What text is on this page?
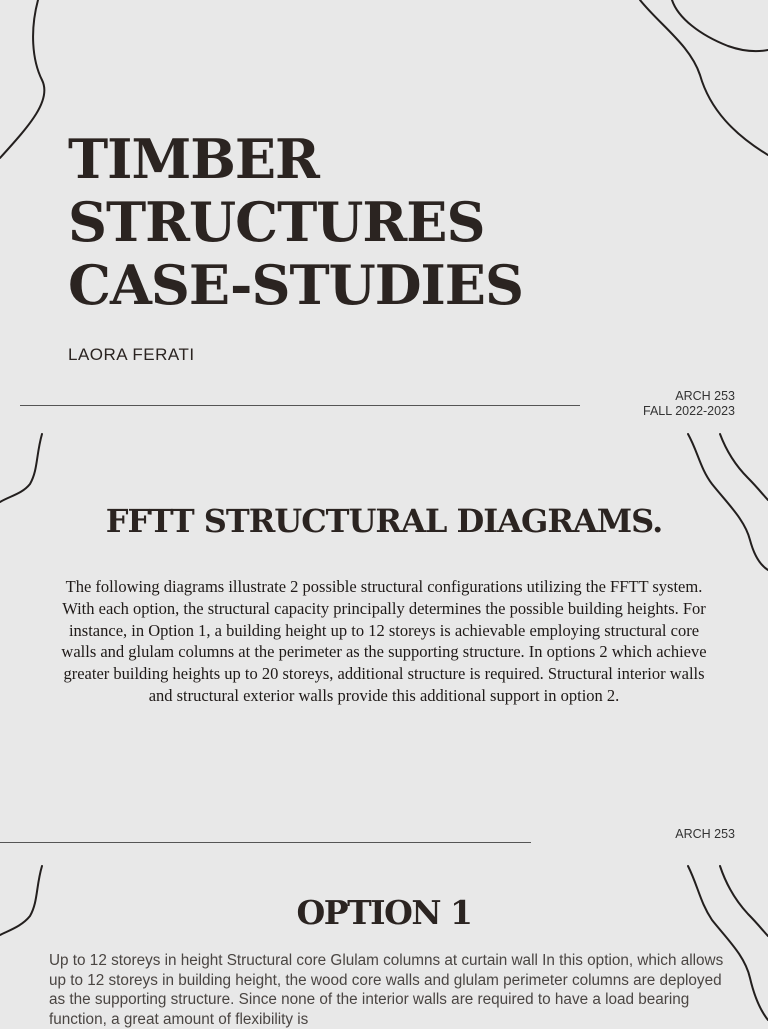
TIMBER
STRUCTURES
CASE-STUDIES
LAORA FERATI
ARCH 253
FALL 2022-2023
FFTT STRUCTURAL DIAGRAMS.

The following diagrams illustrate 2 possible structural configurations utilizing the FFTT system. With each option, the structural capacity principally determines the possible building heights. For instance, in Option 1, a building height up to 12 storeys is achievable employing structural core walls and glulam columns at the perimeter as the supporting structure. In options 2 which achieve greater building heights up to 20 storeys, additional structure is required. Structural interior walls and structural exterior walls provide this additional support in option 2.

ARCH 253
OPTION 1

Up to 12 storeys in height Structural core Glulam columns at curtain wall In this option, which allows up to 12 storeys in building height, the wood core walls and glulam perimeter columns are deployed as the supporting structure. Since none of the interior walls are required to have a load bearing function, a great amount of flexibility is
